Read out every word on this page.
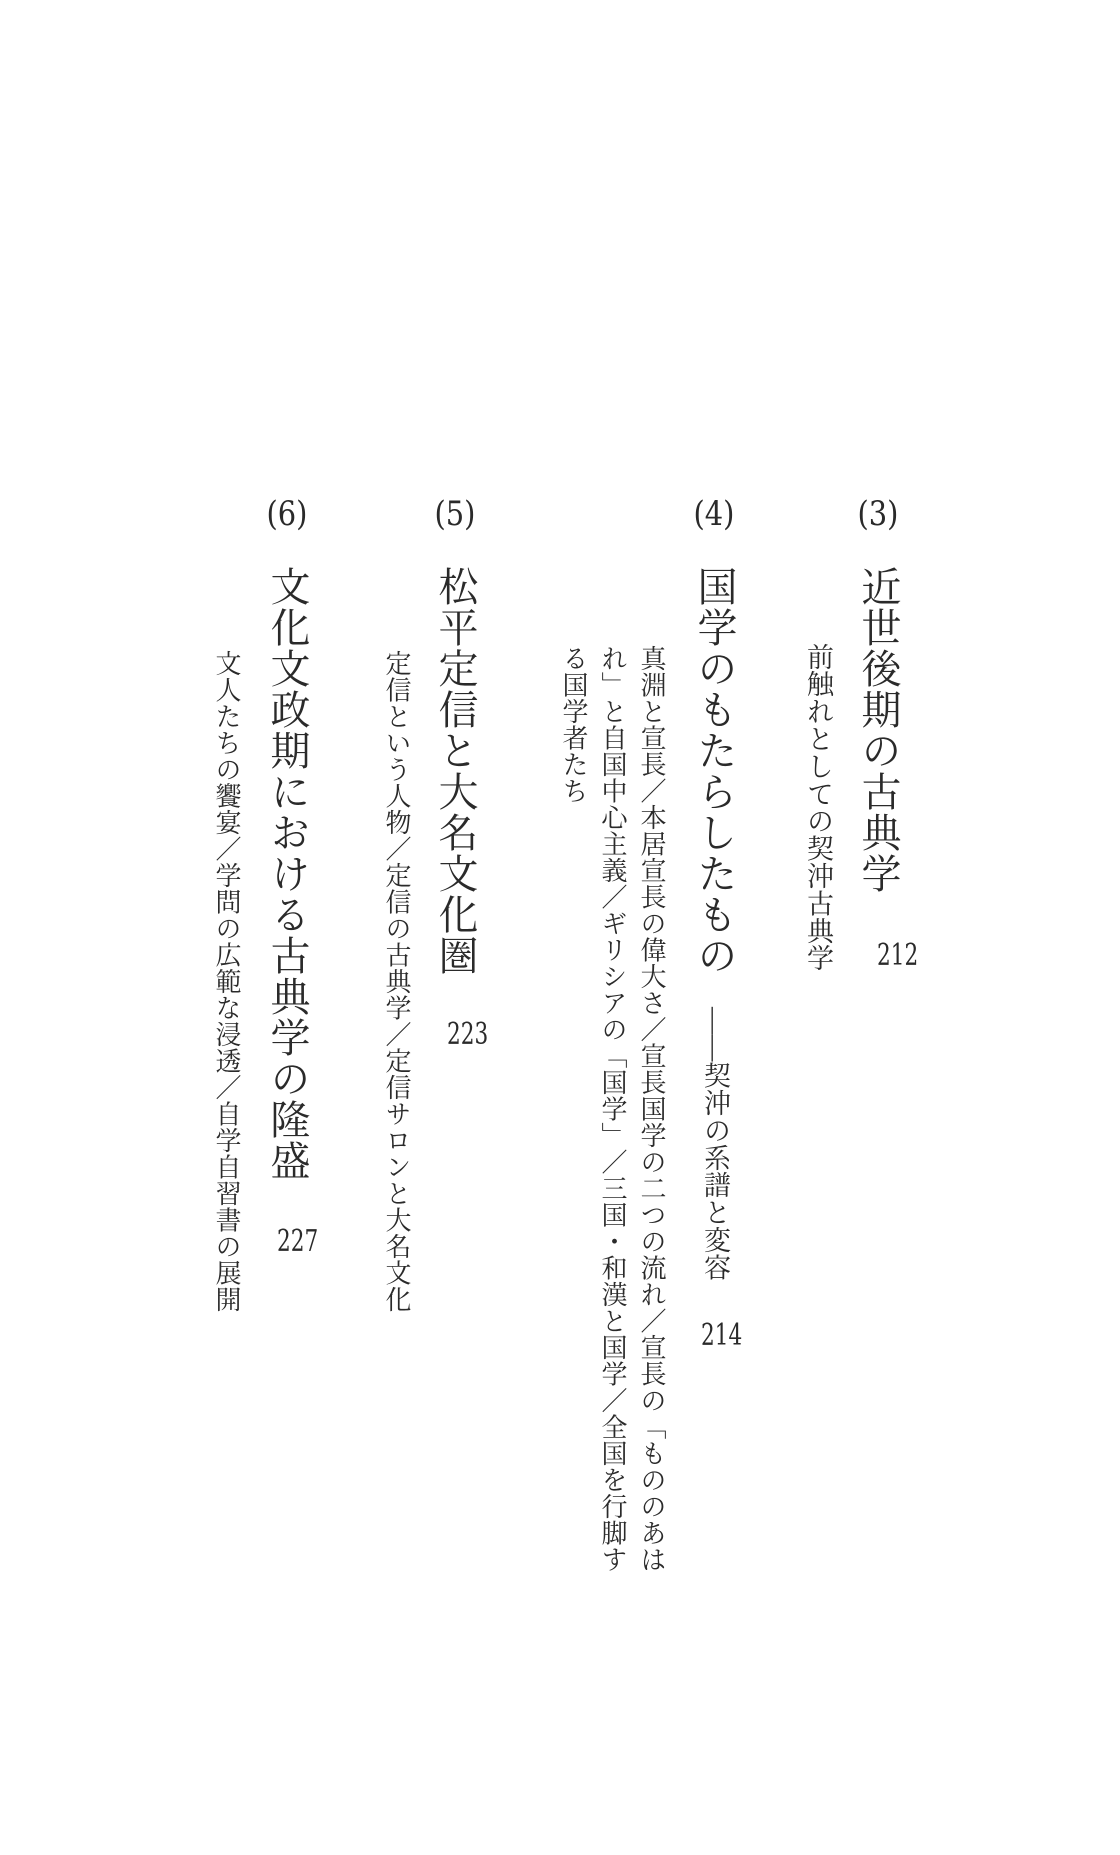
(3)
近世後期の古典学
前触れとしての契沖古典学 212
(4)
国学のもたらしたもの
――契沖の系譜と変容
真淵と宣長／本居宣長の偉大さ／宣長国学の二つの流れ／宣長の「もののあはれ」と自国中心主義／ギリシアの「国学」／三国・和漢と国学／全国を行脚する国学者たち
214
(5)
松平定信と大名文化圏
定信という人物／定信の古典学／定信サロンと大名文化 223
(6)
文化文政期における古典学の隆盛
文人たちの饗宴／学問の広範な浸透／自学自習書の展開 227
